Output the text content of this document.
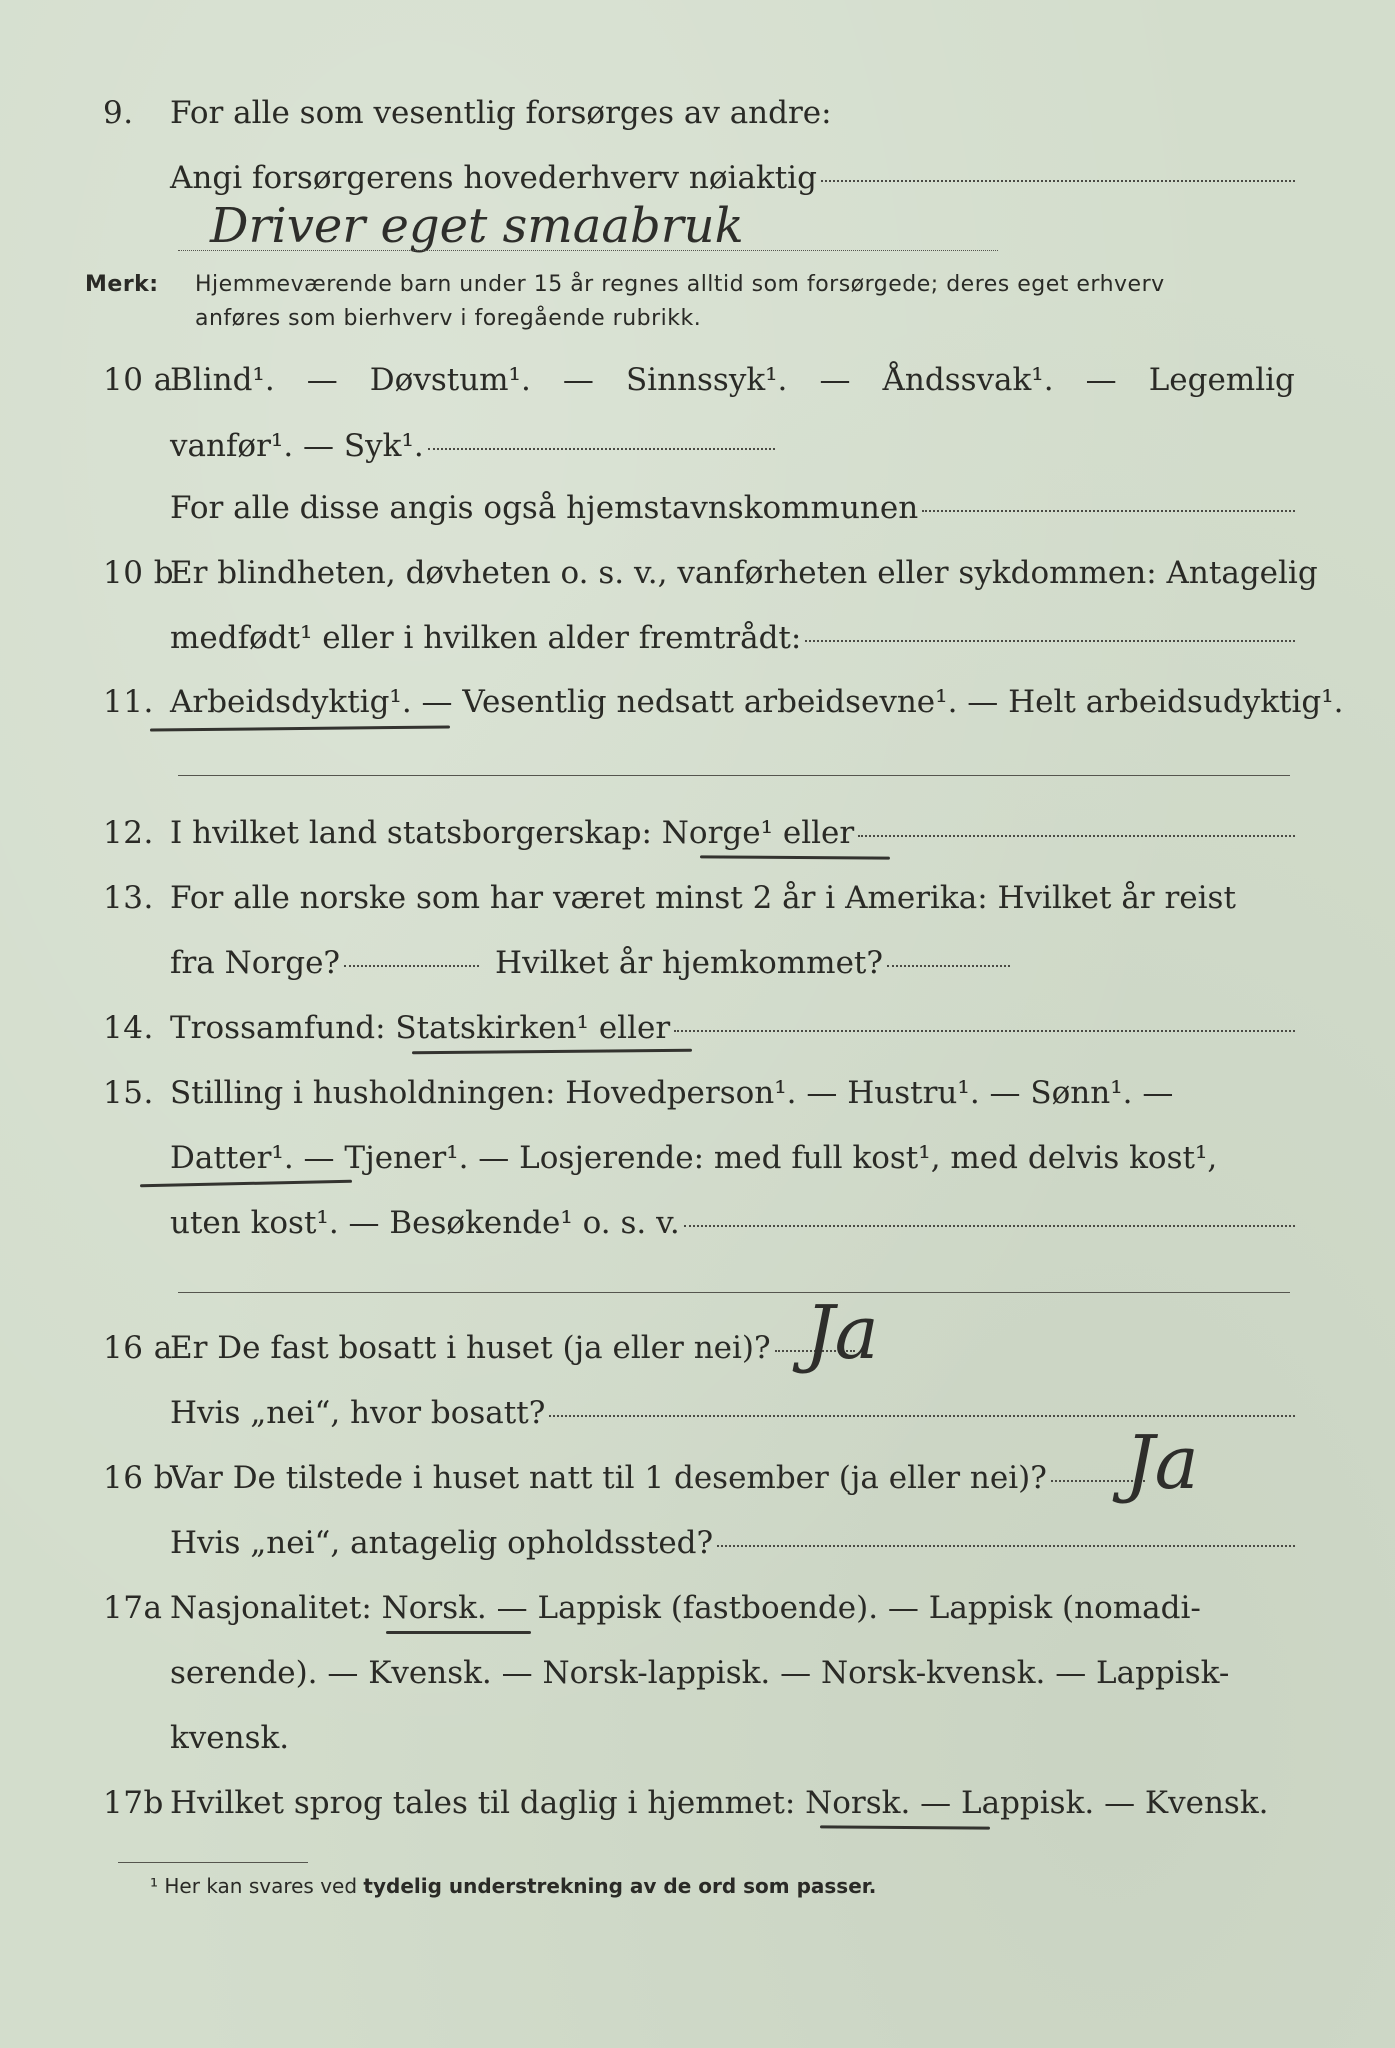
9. For alle som vesentlig forsørges av andre:
Angi forsørgerens hovederhverv nøiaktig
Driver eget smaabruk
Merk: Hjemmeværende barn under 15 år regnes alltid som forsørgede; deres eget erhverv
anføres som bierhverv i foregående rubrikk.
10 a
Blind¹. — Døvstum¹. — Sinnssyk¹. — Åndssvak¹. — Legemlig
vanfør¹. — Syk¹.
For alle disse angis også hjemstavnskommunen
10 b
Er blindheten, døvheten o. s. v., vanførheten eller sykdommen: Antagelig
medfødt¹ eller i hvilken alder fremtrådt:
11. Arbeidsdyktig¹. — Vesentlig nedsatt arbeidsevne¹. — Helt arbeidsudyktig¹.
12. I hvilket land statsborgerskap: Norge¹ eller
13. For alle norske som har været minst 2 år i Amerika: Hvilket år reist
fra Norge?	Hvilket år hjemkommet?
14. Trossamfund: Statskirken¹ eller
15. Stilling i husholdningen: Hovedperson¹. — Hustru¹. — Sønn¹. —
Datter¹. — Tjener¹. — Losjerende: med full kost¹, med delvis kost¹,
uten kost¹. — Besøkende¹ o. s. v.
16 a
Er De fast bosatt i huset (ja eller nei)? Ja
Hvis „nei“, hvor bosatt?
16 b
Var De tilstede i huset natt til 1 desember (ja eller nei)? Ja
Hvis „nei“, antagelig opholdssted?
17a Nasjonalitet: Norsk. — Lappisk (fastboende). — Lappisk (nomadi-
serende). — Kvensk. — Norsk-lappisk. — Norsk-kvensk. — Lappisk-
kvensk.
17b Hvilket sprog tales til daglig i hjemmet: Norsk. — Lappisk. — Kvensk.
¹ Her kan svares ved tydelig understrekning av de ord som passer.
